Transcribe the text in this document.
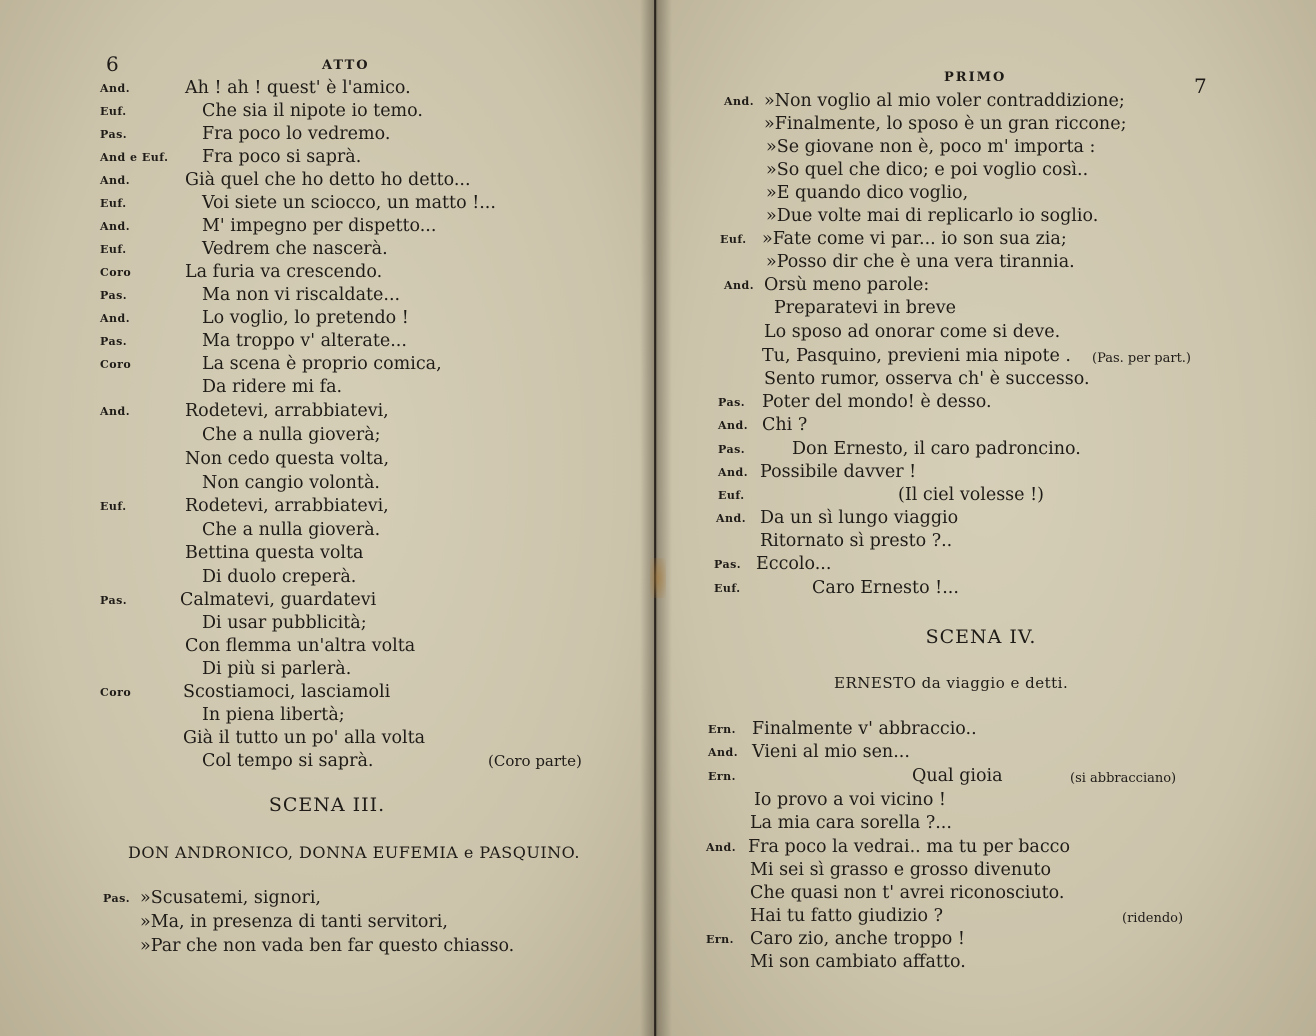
6	ATTO
And.	Ah ! ah ! quest' è l'amico.
Euf.	Che sia il nipote io temo.
Pas.	Fra poco lo vedremo.
And e Euf. Fra poco si saprà.
And.	Già quel che ho detto ho detto...
Euf.	Voi siete un sciocco, un matto !...
And.	M' impegno per dispetto...
Euf.	Vedrem che nascerà.
Coro	La furia va crescendo.
Pas.	Ma non vi riscaldate...
And.	Lo voglio, lo pretendo !
Pas.	Ma troppo v' alterate...
Coro	La scena è proprio comica,
Da ridere mi fa.
And.	Rodetevi, arrabbiatevi,
Che a nulla gioverà;
Non cedo questa volta,
Non cangio volontà.
Euf.	Rodetevi, arrabbiatevi,
Che a nulla gioverà.
Bettina questa volta
Di duolo creperà.
Pas.	Calmatevi, guardatevi
Di usar pubblicità;
Con flemma un'altra volta
Di più si parlerà.
Coro	Scostiamoci, lasciamoli
In piena libertà;
Già il tutto un po' alla volta
Col tempo si saprà.	(Coro parte)
SCENA III.
DON ANDRONICO, DONNA EUFEMIA e PASQUINO.
Pas. »Scusatemi, signori,
»Ma, in presenza di tanti servitori,
»Par che non vada ben far questo chiasso.
PRIMO	7
And. »Non voglio al mio voler contraddizione;
»Finalmente, lo sposo è un gran riccone;
»Se giovane non è, poco m' importa :
»So quel che dico; e poi voglio così..
»E quando dico voglio,
»Due volte mai di replicarlo io soglio.
Euf. »Fate come vi par... io son sua zia;
»Posso dir che è una vera tirannia.
And. Orsù meno parole:
Preparatevi in breve
Lo sposo ad onorar come si deve.
Tu, Pasquino, previeni mia nipote . (Pas. per part.)
Sento rumor, osserva ch' è successo.
Pas. Poter del mondo! è desso.
And. Chi ?
Pas.	Don Ernesto, il caro padroncino.
And. Possibile davver !
Euf.	(Il ciel volesse !)
And. Da un sì lungo viaggio
Ritornato sì presto ?..
Pas. Eccolo...
Euf.	Caro Ernesto !...
SCENA IV.
ERNESTO da viaggio e detti.
Ern. Finalmente v' abbraccio..
And. Vieni al mio sen...
Ern.	Qual gioia	(si abbracciano)
Io provo a voi vicino !
La mia cara sorella ?...
And. Fra poco la vedrai.. ma tu per bacco
Mi sei sì grasso e grosso divenuto
Che quasi non t' avrei riconosciuto.
Hai tu fatto giudizio ?	(ridendo)
Ern. Caro zio, anche troppo !
Mi son cambiato affatto.
